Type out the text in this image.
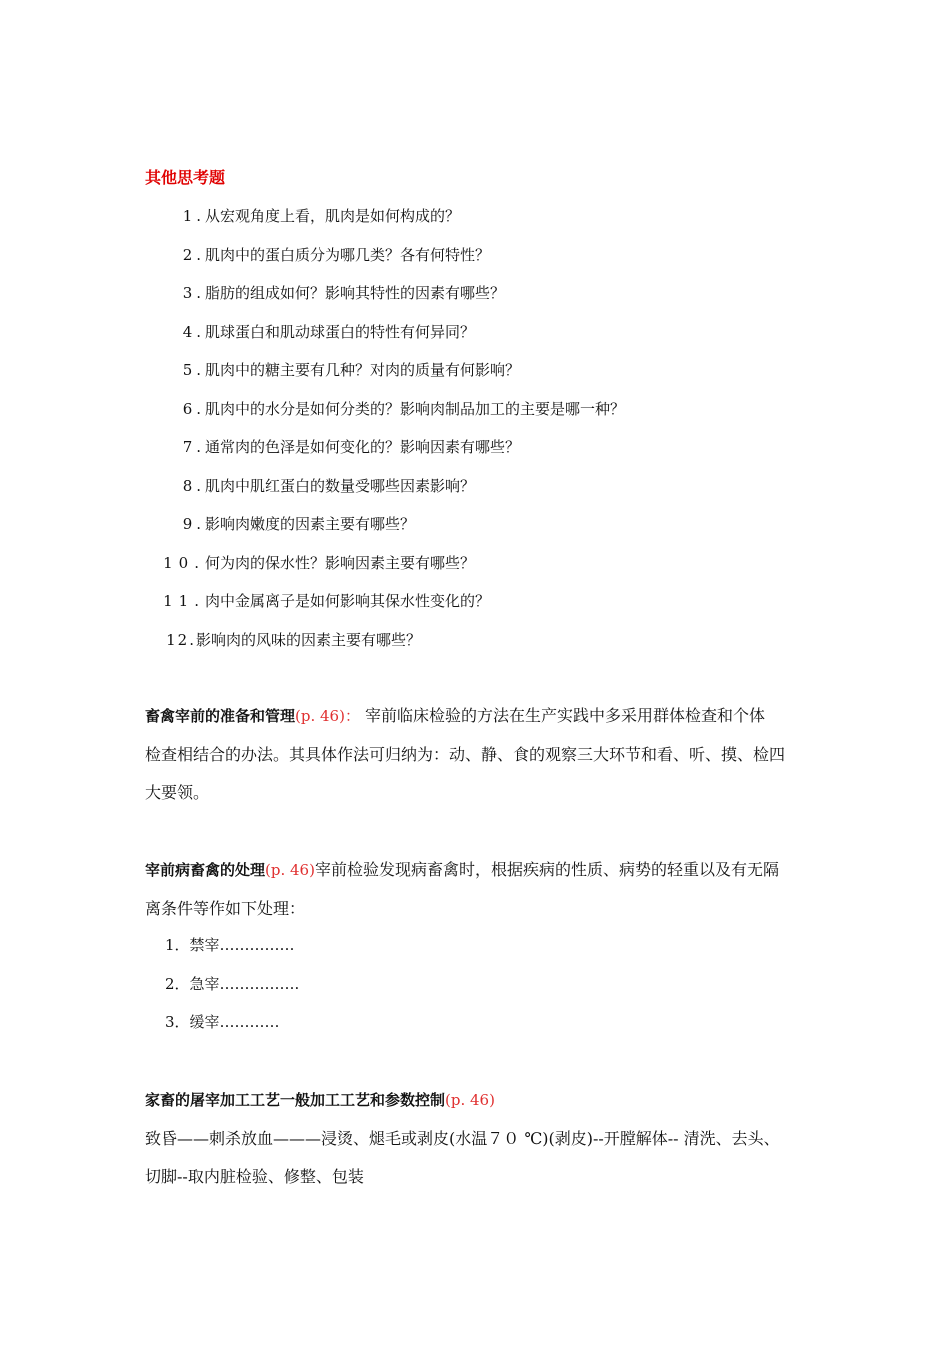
其他思考题
1.从宏观角度上看，肌肉是如何构成的？
2.肌肉中的蛋白质分为哪几类？各有何特性？
3.脂肪的组成如何？影响其特性的因素有哪些？
4.肌球蛋白和肌动球蛋白的特性有何异同？
5.肌肉中的糖主要有几种？对肉的质量有何影响？
6.肌肉中的水分是如何分类的？影响肉制品加工的主要是哪一种？
7.通常肉的色泽是如何变化的？影响因素有哪些？
8.肌肉中肌红蛋白的数量受哪些因素影响？
9.影响肉嫩度的因素主要有哪些？
10.何为肉的保水性？影响因素主要有哪些？
11.肉中金属离子是如何影响其保水性变化的？
12.影响肉的风味的因素主要有哪些？
畜禽宰前的准备和管理(p. 46)： 宰前临床检验的方法在生产实践中多采用群体检查和个体
检查相结合的办法。其具体作法可归纳为：动、静、食的观察三大环节和看、听、摸、检四
大要领。
宰前病畜禽的处理(p. 46)宰前检验发现病畜禽时，根据疾病的性质、病势的轻重以及有无隔
离条件等作如下处理：
1．禁宰……………
2．急宰…………….
3．缓宰…………
家畜的屠宰加工工艺一般加工工艺和参数控制(p. 46)
致昏——刺杀放血———浸烫、煺毛或剥皮(水温７０ ℃)(剥皮)--开膛解体-- 清洗、去头、
切脚--取内脏检验、修整、包装
